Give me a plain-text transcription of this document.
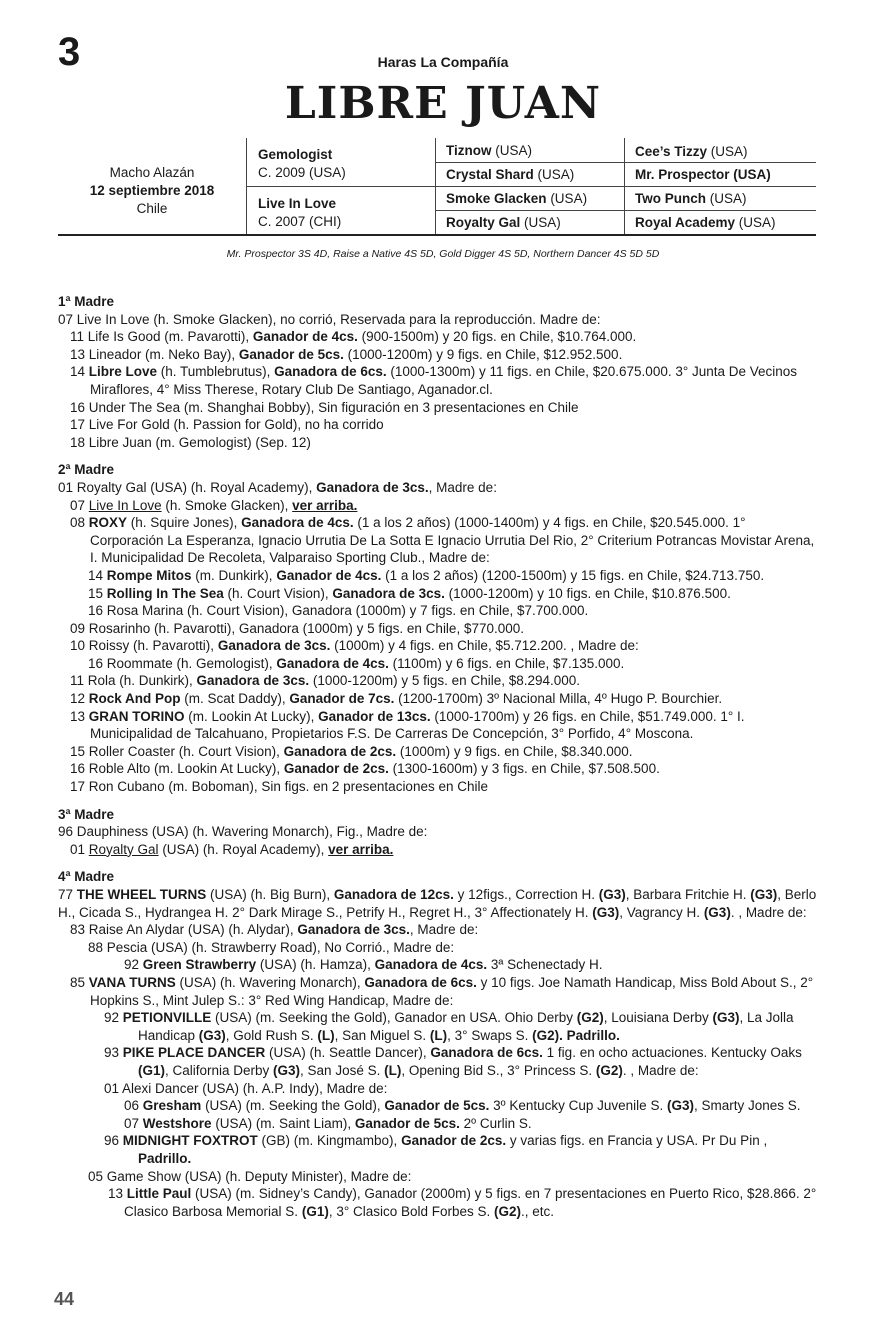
3	Haras La Compañía
LIBRE JUAN
Macho Alazán
12 septiembre 2018
Chile
Gemologist
C. 2009 (USA)
Live In Love
C. 2007 (CHI)
Tiznow (USA)
Crystal Shard (USA)
Smoke Glacken (USA)
Royalty Gal (USA)
Cee’s Tizzy (USA)
Mr. Prospector (USA)
Two Punch (USA)
Royal Academy (USA)
Mr. Prospector 3S 4D, Raise a Native 4S 5D, Gold Digger 4S 5D, Northern Dancer 4S 5D 5D

1ª Madre

07 Live In Love (h. Smoke Glacken), no corrió, Reservada para la reproducción. Madre de:

11 Life Is Good (m. Pavarotti), Ganador de 4cs. (900-1500m) y 20 figs. en Chile, $10.764.000.

13 Lineador (m. Neko Bay), Ganador de 5cs. (1000-1200m) y 9 figs. en Chile, $12.952.500.

14 Libre Love (h. Tumblebrutus), Ganadora de 6cs. (1000-1300m) y 11 figs. en Chile, $20.675.000. 3° Junta De Vecinos Miraflores, 4° Miss Therese, Rotary Club De Santiago, Aganador.cl.

16 Under The Sea (m. Shanghai Bobby), Sin figuración en 3 presentaciones en Chile

17 Live For Gold (h. Passion for Gold), no ha corrido

18 Libre Juan (m. Gemologist) (Sep. 12)

2ª Madre

01 Royalty Gal (USA) (h. Royal Academy), Ganadora de 3cs., Madre de:

07 Live In Love (h. Smoke Glacken), ver arriba.

08 ROXY (h. Squire Jones), Ganadora de 4cs. (1 a los 2 años) (1000-1400m) y 4 figs. en Chile, $20.545.000. 1° Corporación La Esperanza, Ignacio Urrutia De La Sotta E Ignacio Urrutia Del Rio, 2° Criterium Potrancas Movistar Arena, I. Municipalidad De Recoleta, Valparaiso Sporting Club., Madre de:

14 Rompe Mitos (m. Dunkirk), Ganador de 4cs. (1 a los 2 años) (1200-1500m) y 15 figs. en Chile, $24.713.750.

15 Rolling In The Sea (h. Court Vision), Ganadora de 3cs. (1000-1200m) y 10 figs. en Chile, $10.876.500.

16 Rosa Marina (h. Court Vision), Ganadora (1000m) y 7 figs. en Chile, $7.700.000.

09 Rosarinho (h. Pavarotti), Ganadora (1000m) y 5 figs. en Chile, $770.000.

10 Roissy (h. Pavarotti), Ganadora de 3cs. (1000m) y 4 figs. en Chile, $5.712.200. , Madre de:

16 Roommate (h. Gemologist), Ganadora de 4cs. (1100m) y 6 figs. en Chile, $7.135.000.

11 Rola (h. Dunkirk), Ganadora de 3cs. (1000-1200m) y 5 figs. en Chile, $8.294.000.

12 Rock And Pop (m. Scat Daddy), Ganador de 7cs. (1200-1700m) 3º Nacional Milla, 4º Hugo P. Bourchier.

13 GRAN TORINO (m. Lookin At Lucky), Ganador de 13cs. (1000-1700m) y 26 figs. en Chile, $51.749.000. 1° I. Municipalidad de Talcahuano, Propietarios F.S. De Carreras De Concepción, 3° Porfido, 4° Moscona.

15 Roller Coaster (h. Court Vision), Ganadora de 2cs. (1000m) y 9 figs. en Chile, $8.340.000.

16 Roble Alto (m. Lookin At Lucky), Ganador de 2cs. (1300-1600m) y 3 figs. en Chile, $7.508.500.

17 Ron Cubano (m. Boboman), Sin figs. en 2 presentaciones en Chile

3ª Madre

96 Dauphiness (USA) (h. Wavering Monarch), Fig., Madre de:

01 Royalty Gal (USA) (h. Royal Academy), ver arriba.

4ª Madre

77 THE WHEEL TURNS (USA) (h. Big Burn), Ganadora de 12cs. y 12figs., Correction H. (G3), Barbara Fritchie H. (G3), Berlo H., Cicada S., Hydrangea H. 2° Dark Mirage S., Petrify H., Regret H., 3° Affectionately H. (G3), Vagrancy H. (G3). , Madre de:

83 Raise An Alydar (USA) (h. Alydar), Ganadora de 3cs., Madre de:

88 Pescia (USA) (h. Strawberry Road), No Corrió., Madre de:

92 Green Strawberry (USA) (h. Hamza), Ganadora de 4cs. 3ª Schenectady H.

85 VANA TURNS (USA) (h. Wavering Monarch), Ganadora de 6cs. y 10 figs. Joe Namath Handicap, Miss Bold About S., 2° Hopkins S., Mint Julep S.: 3° Red Wing Handicap, Madre de:

92 PETIONVILLE (USA) (m. Seeking the Gold), Ganador en USA. Ohio Derby (G2), Louisiana Derby (G3), La Jolla Handicap (G3), Gold Rush S. (L), San Miguel S. (L), 3° Swaps S. (G2). Padrillo.

93 PIKE PLACE DANCER (USA) (h. Seattle Dancer), Ganadora de 6cs. 1 fig. en ocho actuaciones. Kentucky Oaks (G1), California Derby (G3), San José S. (L), Opening Bid S., 3° Princess S. (G2). , Madre de:

01 Alexi Dancer (USA) (h. A.P. Indy), Madre de:

06 Gresham (USA) (m. Seeking the Gold), Ganador de 5cs. 3º Kentucky Cup Juvenile S. (G3), Smarty Jones S.

07 Westshore (USA) (m. Saint Liam), Ganador de 5cs. 2º Curlin S.

96 MIDNIGHT FOXTROT (GB) (m. Kingmambo), Ganador de 2cs. y varias figs. en Francia y USA. Pr Du Pin , Padrillo.

05 Game Show (USA) (h. Deputy Minister), Madre de:

13 Little Paul (USA) (m. Sidney’s Candy), Ganador (2000m) y 5 figs. en 7 presentaciones en Puerto Rico, $28.866. 2° Clasico Barbosa Memorial S. (G1), 3° Clasico Bold Forbes S. (G2)., etc.

44
